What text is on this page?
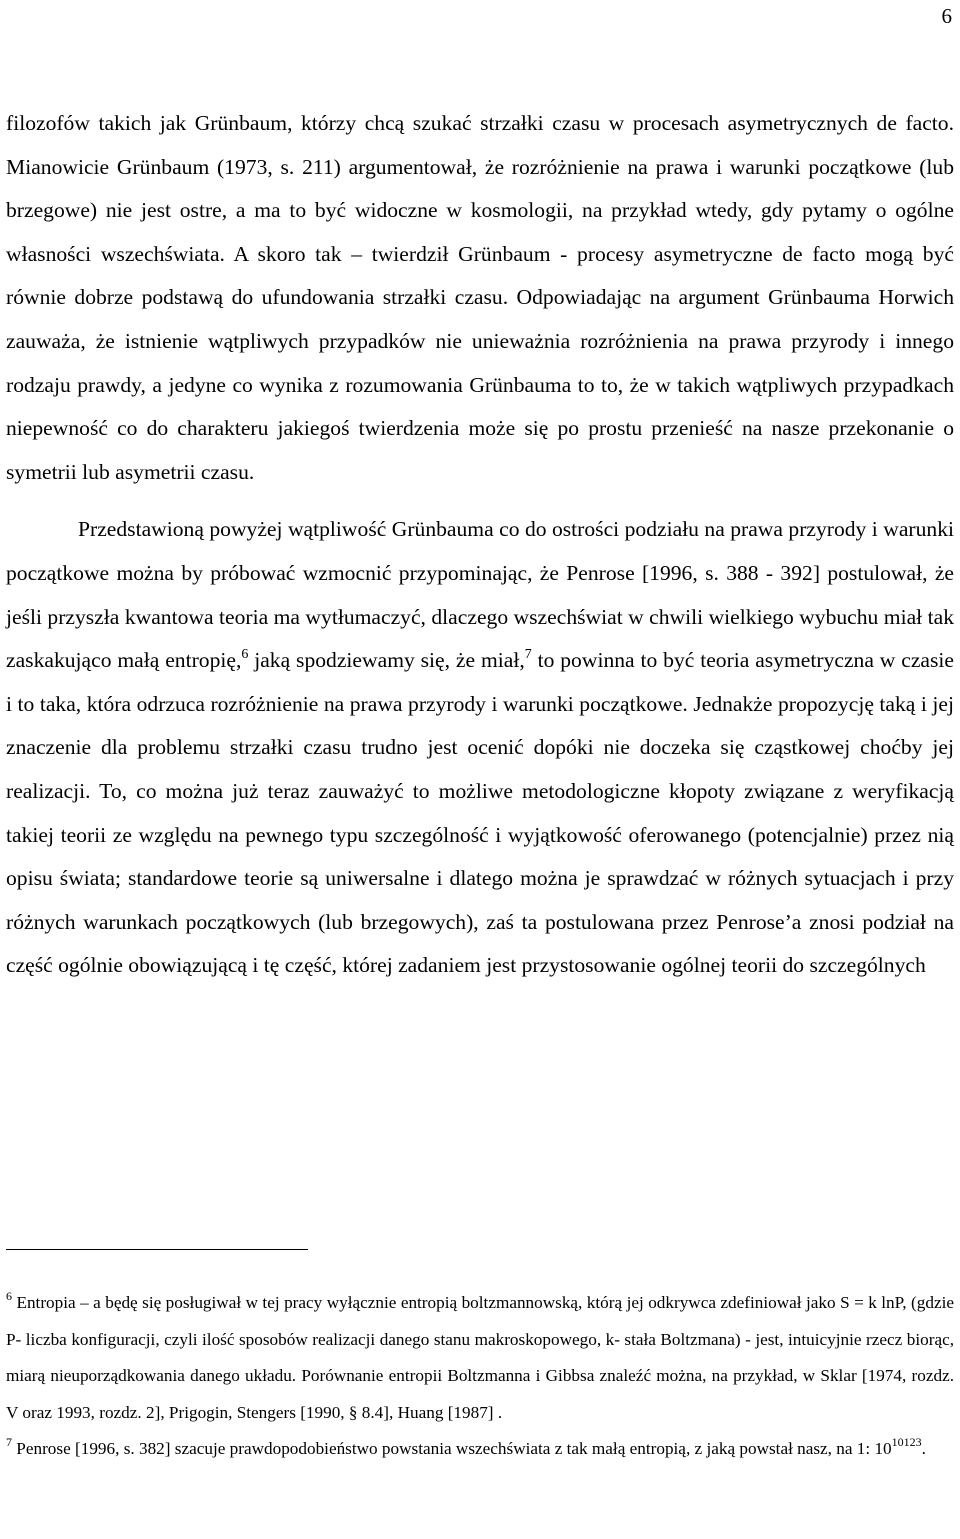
6

filozofów takich jak Grünbaum, którzy chcą szukać strzałki czasu w procesach asymetrycznych de facto. Mianowicie Grünbaum (1973, s. 211) argumentował, że rozróżnienie na prawa i warunki początkowe (lub brzegowe) nie jest ostre, a ma to być widoczne w kosmologii, na przykład wtedy, gdy pytamy o ogólne własności wszechświata. A skoro tak – twierdził Grünbaum - procesy asymetryczne de facto mogą być równie dobrze podstawą do ufundowania strzałki czasu. Odpowiadając na argument Grünbauma Horwich zauważa, że istnienie wątpliwych przypadków nie unieważnia rozróżnienia na prawa przyrody i innego rodzaju prawdy, a jedyne co wynika z rozumowania Grünbauma to to, że w takich wątpliwych przypadkach niepewność co do charakteru jakiegoś twierdzenia może się po prostu przenieść na nasze przekonanie o symetrii lub asymetrii czasu.

Przedstawioną powyżej wątpliwość Grünbauma co do ostrości podziału na prawa przyrody i warunki początkowe można by próbować wzmocnić przypominając, że Penrose [1996, s. 388 - 392] postulował, że jeśli przyszła kwantowa teoria ma wytłumaczyć, dlaczego wszechświat w chwili wielkiego wybuchu miał tak zaskakująco małą entropię,$^6$ jaką spodziewamy się, że miał,$^7$ to powinna to być teoria asymetryczna w czasie i to taka, która odrzuca rozróżnienie na prawa przyrody i warunki początkowe. Jednakże propozycję taką i jej znaczenie dla problemu strzałki czasu trudno jest ocenić dopóki nie doczeka się cząstkowej choćby jej realizacji. To, co można już teraz zauważyć to możliwe metodologiczne kłopoty związane z weryfikacją takiej teorii ze względu na pewnego typu szczególność i wyjątkowość oferowanego (potencjalnie) przez nią opisu świata; standardowe teorie są uniwersalne i dlatego można je sprawdzać w różnych sytuacjach i przy różnych warunkach początkowych (lub brzegowych), zaś ta postulowana przez Penrose’a znosi podział na część ogólnie obowiązującą i tę część, której zadaniem jest przystosowanie ogólnej teorii do szczególnych

$^6$ Entropia – a będę się posługiwał w tej pracy wyłącznie entropią boltzmannowską, którą jej odkrywca zdefiniował jako S = k lnP, (gdzie P- liczba konfiguracji, czyli ilość sposobów realizacji danego stanu makroskopowego, k- stała Boltzmana) - jest, intuicyjnie rzecz biorąc, miarą nieuporządkowania danego układu. Porównanie entropii Boltzmanna i Gibbsa znaleźć można, na przykład, w Sklar [1974, rozdz. V oraz 1993, rozdz. 2], Prigogin, Stengers [1990, § 8.4], Huang [1987] .

$^7$ Penrose [1996, s. 382] szacuje prawdopodobieństwo powstania wszechświata z tak małą entropią, z jaką powstał nasz, na 1: 10$^{10123}$.
